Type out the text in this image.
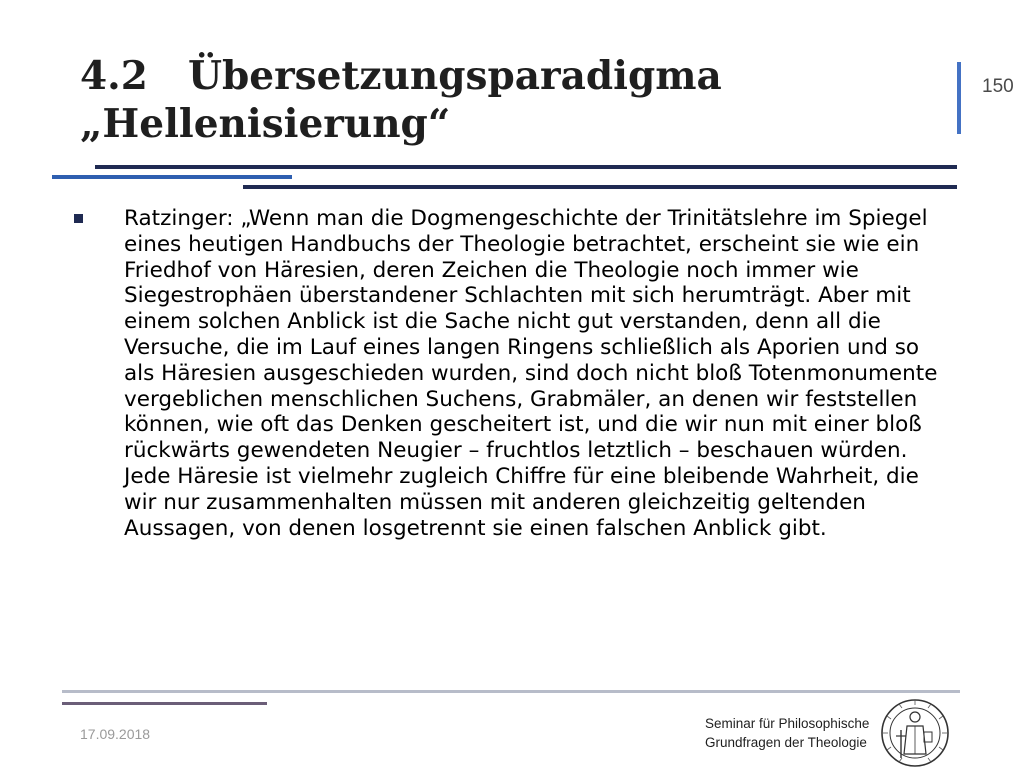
4.2 Übersetzungsparadigma
„Hellenisierung“
150

Ratzinger: „Wenn man die Dogmengeschichte der Trinitätslehre im Spiegel eines heutigen Handbuchs der Theologie betrachtet, erscheint sie wie ein Friedhof von Häresien, deren Zeichen die Theologie noch immer wie Siegestrophäen überstandener Schlachten mit sich herumträgt. Aber mit einem solchen Anblick ist die Sache nicht gut verstanden, denn all die Versuche, die im Lauf eines langen Ringens schließlich als Aporien und so als Häresien ausgeschieden wurden, sind doch nicht bloß Totenmonumente vergeblichen menschlichen Suchens, Grabmäler, an denen wir feststellen können, wie oft das Denken gescheitert ist, und die wir nun mit einer bloß rückwärts gewendeten Neugier – fruchtlos letztlich – beschauen würden. Jede Häresie ist vielmehr zugleich Chiffre für eine bleibende Wahrheit, die wir nur zusammenhalten müssen mit anderen gleichzeitig geltenden Aussagen, von denen losgetrennt sie einen falschen Anblick gibt.

17.09.2018
Seminar für Philosophische
Grundfragen der Theologie
